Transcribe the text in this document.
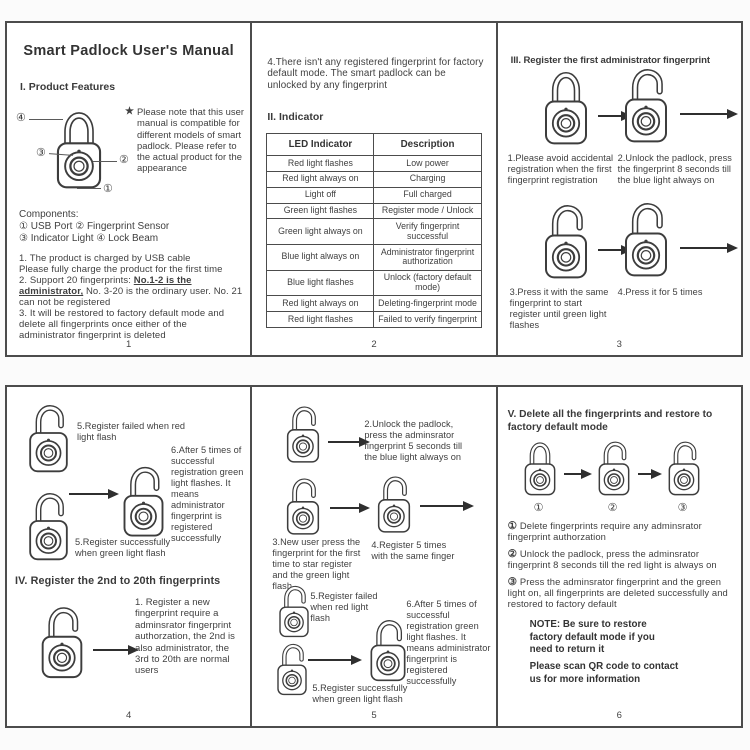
Smart Padlock User's Manual
I. Product Features
④
③
②
①
★ Please note that this user manual is compatible for different models of smart padlock. Please refer to the actual product for the appearance
Components:
① USB Port ② Fingerprint Sensor
③ Indicator Light ④ Lock Beam
1. The product is charged by USB cable
Please fully charge the product for the first time
2. Support 20 fingerprints: No.1-2 is the administrator, No. 3-20 is the ordinary user. No. 21 can not be registered
3. It will be restored to factory default mode and delete all fingerprints once either of the administrator fingerprint is deleted
1
4.There isn't any registered fingerprint for factory default mode. The smart padlock can be unlocked by any fingerprint
II. Indicator
LED Indicator	Description
Red light flashes	Low power
Red light always on	Charging
Light off	Full charged
Green light flashes	Register mode / Unlock
Green light always on	Verify fingerprint successful
Blue light always on	Administrator fingerprint authorization
Blue light flashes	Unlock (factory default mode)
Red light always on	Deleting-fingerprint mode
Red light flashes	Failed to verify fingerprint
2
III. Register the first administrator fingerprint
1.Please avoid accidental registration when the first fingerprint registration
2.Unlock the padlock, press the fingerprint 8 seconds till the blue light always on
3.Press it with the same fingerprint to start register until green light flashes
4.Press it for 5 times
3
5.Register failed when red light flash
6.After 5 times of successful registration green light flashes. It means administrator fingerprint is registered successfully
5.Register successfully when green light flash
IV. Register the 2nd to 20th fingerprints
1. Register a new fingerprint require a adminsrator fingerprint authorzation, the 2nd is also administrator, the 3rd to 20th are normal users
4
2.Unlock the padlock, press the adminsrator fingerprint 5 seconds till the blue light always on
3.New user press the fingerprint for the first time to star register and the green light flash
4.Register 5 times with the same finger
5.Register failed when red light flash
5.Register successfully when green light flash
6.After 5 times of successful registration green light flashes. It means administrator fingerprint is registered successfully
5
V. Delete all the fingerprints and restore to factory default mode
①	②	③
① Delete fingerprints require any adminsrator fingerprint authorzation
② Unlock the padlock, press the adminsrator fingerprint 8 seconds till the red light is always on
③ Press the adminsrator fingerprint and the green light on, all fingerprints are deleted successfully and restored to factory default
NOTE: Be sure to restore factory default mode if you need to return it
Please scan QR code to contact us for more information
6
